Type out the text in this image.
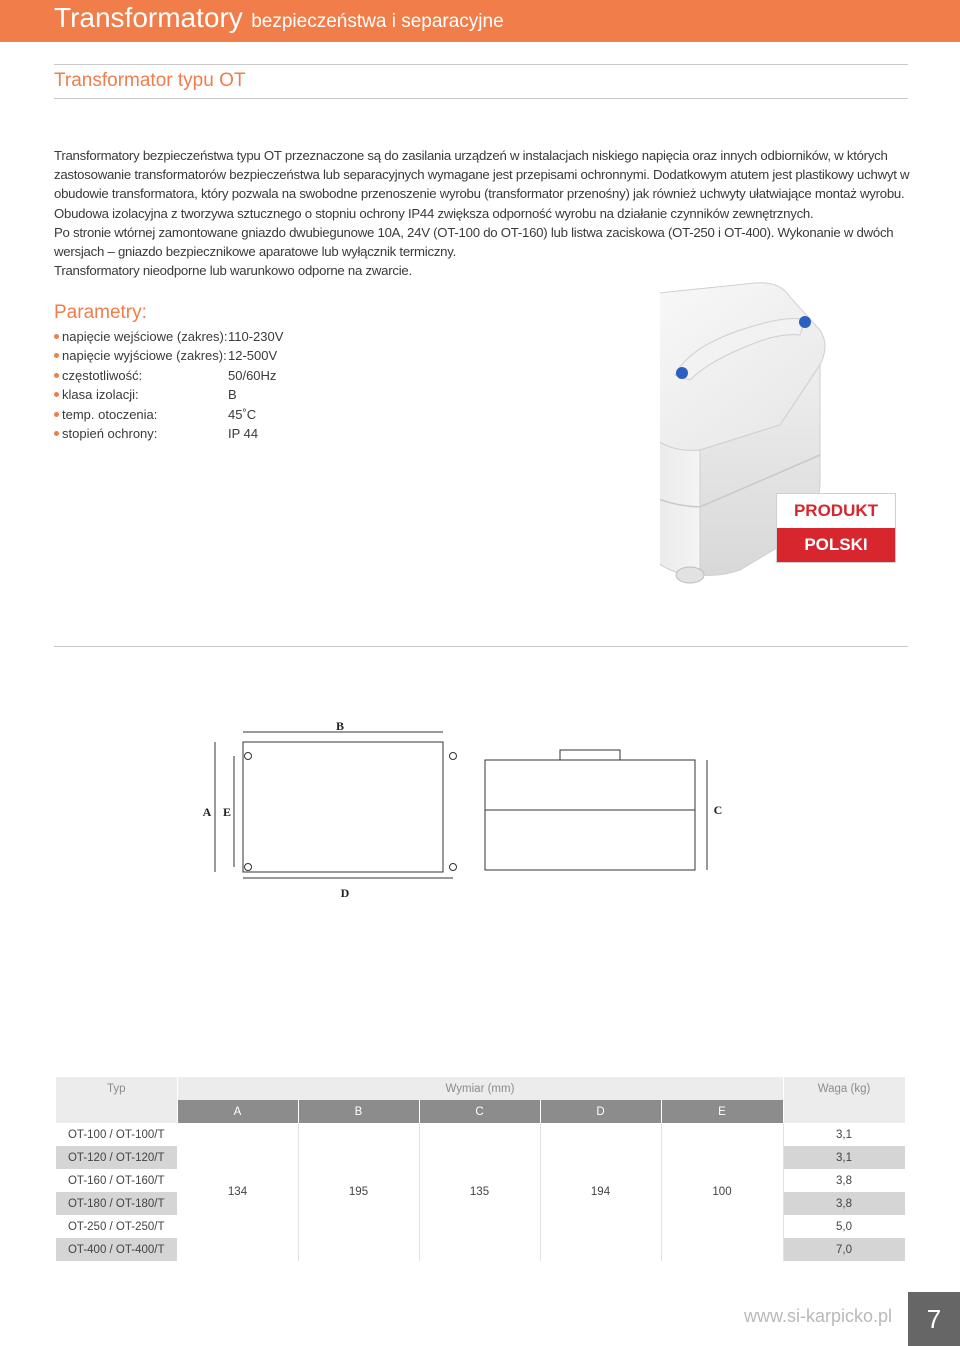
Transformatory bezpieczeństwa i separacyjne
Transformator typu OT

Transformatory bezpieczeństwa typu OT przeznaczone są do zasilania urządzeń w instalacjach niskiego napięcia oraz innych odbiorników, w których zastosowanie transformatorów bezpieczeństwa lub separacyjnych wymagane jest przepisami ochronnymi. Dodatkowym atutem jest plastikowy uchwyt w obudowie transformatora, który pozwala na swobodne przenoszenie wyrobu (transformator przenośny) jak również uchwyty ułatwiające montaż wyrobu.

Obudowa izolacyjna z tworzywa sztucznego o stopniu ochrony IP44 zwiększa odporność wyrobu na działanie czynników zewnętrznych.

Po stronie wtórnej zamontowane gniazdo dwubiegunowe 10A, 24V (OT-100 do OT-160) lub listwa zaciskowa (OT-250 i OT-400). Wykonanie w dwóch wersjach – gniazdo bezpiecznikowe aparatowe lub wyłącznik termiczny.

Transformatory nieodporne lub warunkowo odporne na zwarcie.

Parametry:
napięcie wejściowe (zakres): 110-230V
napięcie wyjściowe (zakres): 12-500V
częstotliwość:	50/60Hz
klasa izolacji:	B
temp. otoczenia:	45˚C
stopień ochrony:	IP 44
PRODUKT
POLSKI
B
A E	C
D
Typ	Wymiar (mm)					Waga (kg)
	A	B	C	D	E	
OT-100 / OT-100/T	134	195	135	194	100	3,1
OT-120 / OT-120/T						3,1
OT-160 / OT-160/T						3,8
OT-180 / OT-180/T						3,8
OT-250 / OT-250/T						5,0
OT-400 / OT-400/T						7,0
www.si-karpicko.pl	7
